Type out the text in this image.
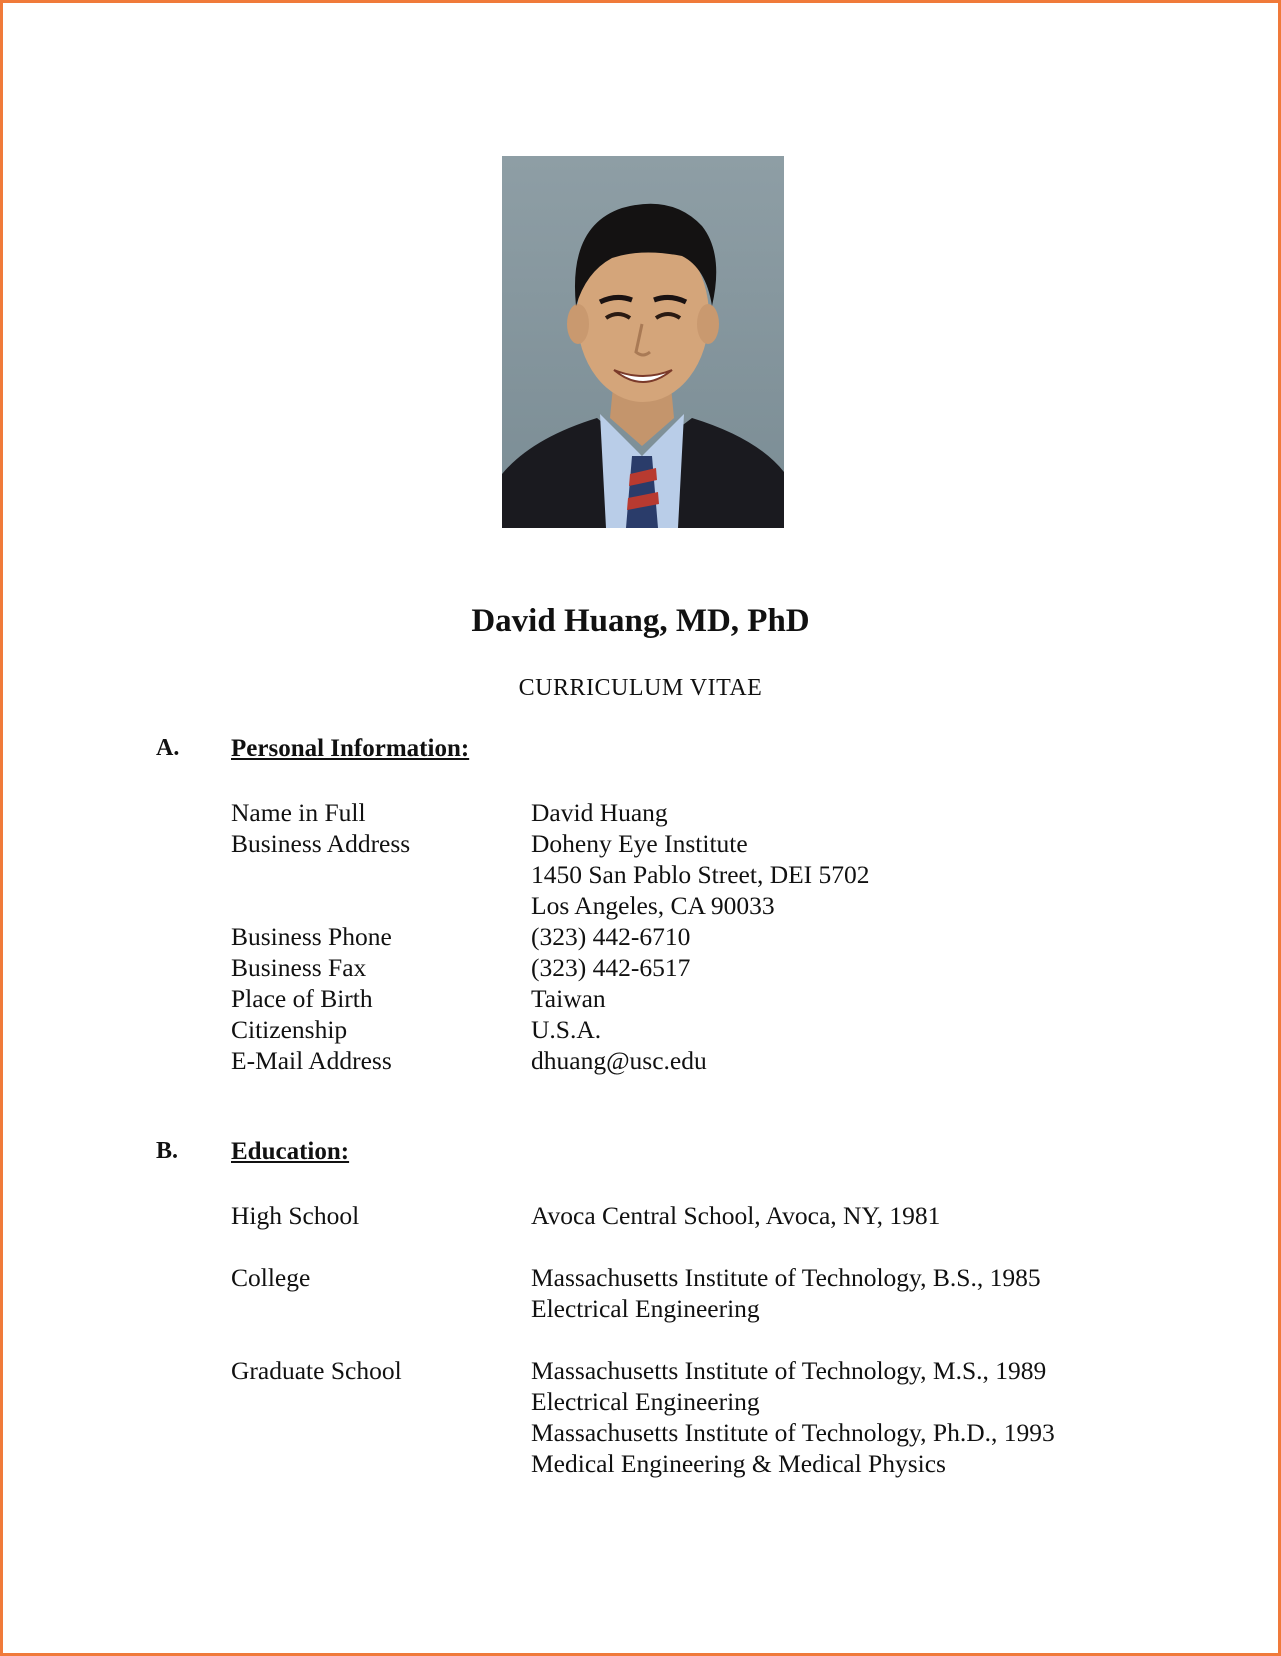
David Huang, MD, PhD
CURRICULUM VITAE
A. Personal Information:
Name in Full	David Huang
Business Address	Doheny Eye Institute
1450 San Pablo Street, DEI 5702
Los Angeles, CA 90033
Business Phone	(323) 442-6710
Business Fax	(323) 442-6517
Place of Birth	Taiwan
Citizenship	U.S.A.
E-Mail Address	dhuang@usc.edu
B. Education:
High School	Avoca Central School, Avoca, NY, 1981
College	Massachusetts Institute of Technology, B.S., 1985
Electrical Engineering
Graduate School	Massachusetts Institute of Technology, M.S., 1989
Electrical Engineering
Massachusetts Institute of Technology, Ph.D., 1993
Medical Engineering & Medical Physics
